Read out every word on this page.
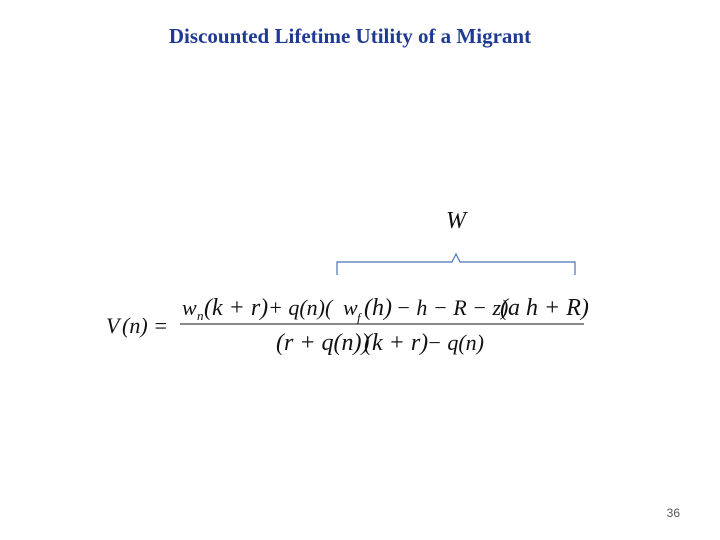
Discounted Lifetime Utility of a Migrant
W
V (n) =
w n (k + r) + q(n)( w f (h) − h − R − z)
(a h + R)
(r + q(n))
(k + r)
− q(n)
36
